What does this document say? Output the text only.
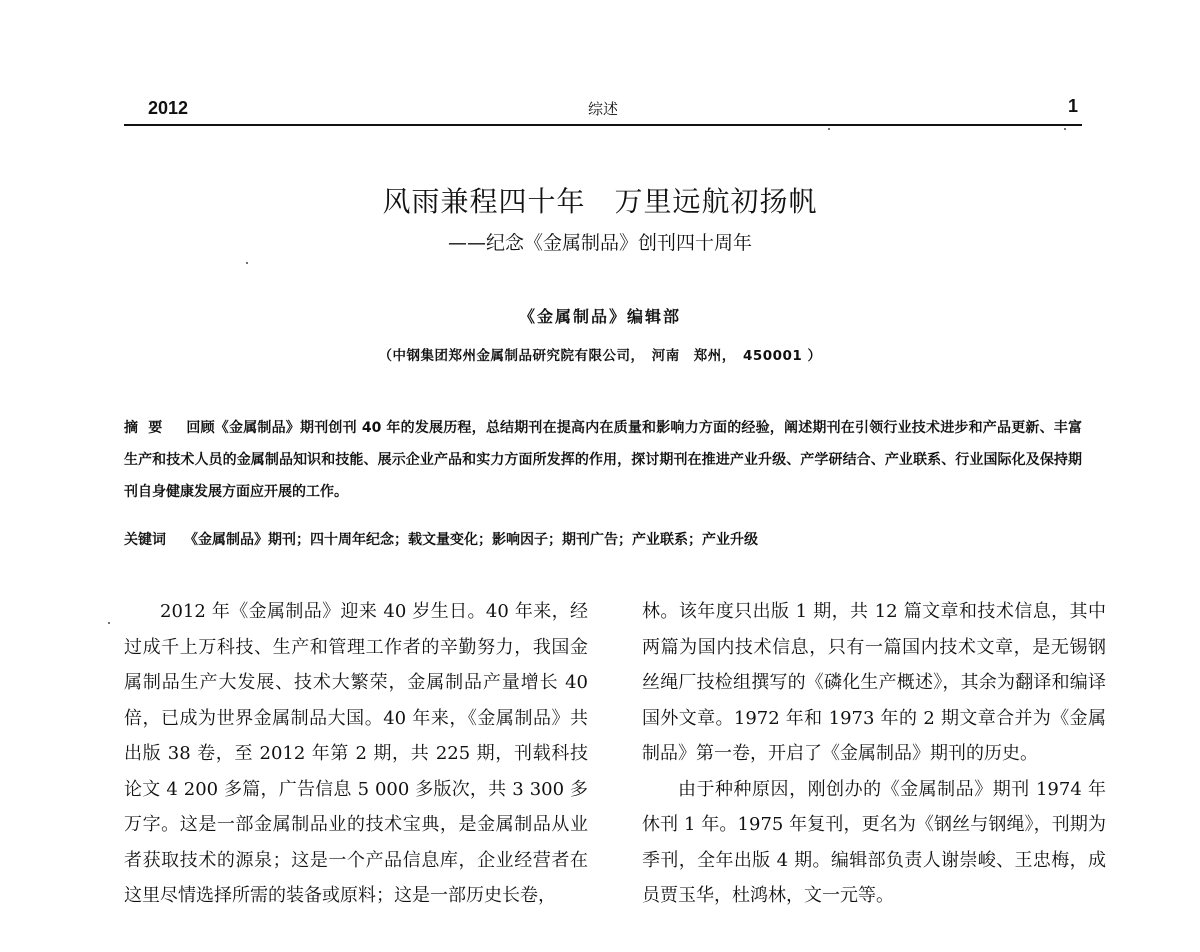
2012	综述	1
风雨兼程四十年　万里远航初扬帆
——纪念《金属制品》创刊四十周年
《金属制品》编辑部
（中钢集团郑州金属制品研究院有限公司，　河南　郑州，　450001 ）
摘要 回顾《金属制品》期刊创刊 40 年的发展历程，总结期刊在提高内在质量和影响力方面的经验，阐述期刊在引领行业技术进步和产品更新、丰富生产和技术人员的金属制品知识和技能、展示企业产品和实力方面所发挥的作用，探讨期刊在推进产业升级、产学研结合、产业联系、行业国际化及保持期刊自身健康发展方面应开展的工作。
关键词 《金属制品》期刊；四十周年纪念；载文量变化；影响因子；期刊广告；产业联系；产业升级

2012 年《金属制品》迎来 40 岁生日。40 年来，经过成千上万科技、生产和管理工作者的辛勤努力，我国金属制品生产大发展、技术大繁荣，金属制品产量增长 40 倍，已成为世界金属制品大国。40 年来，《金属制品》共出版 38 卷，至 2012 年第 2 期，共 225 期，刊载科技论文 4 200 多篇，广告信息 5 000 多版次，共 3 300 多万字。这是一部金属制品业的技术宝典，是金属制品从业者获取技术的源泉；这是一个产品信息库，企业经营者在这里尽情选择所需的装备或原料；这是一部历史长卷，

林。该年度只出版 1 期，共 12 篇文章和技术信息，其中两篇为国内技术信息，只有一篇国内技术文章，是无锡钢丝绳厂技检组撰写的《磷化生产概述》，其余为翻译和编译国外文章。1972 年和 1973 年的 2 期文章合并为《金属制品》第一卷，开启了《金属制品》期刊的历史。

由于种种原因，刚创办的《金属制品》期刊 1974 年休刊 1 年。1975 年复刊，更名为《钢丝与钢绳》，刊期为季刊，全年出版 4 期。编辑部负责人谢崇峻、王忠梅，成员贾玉华，杜鸿林，文一元等。
